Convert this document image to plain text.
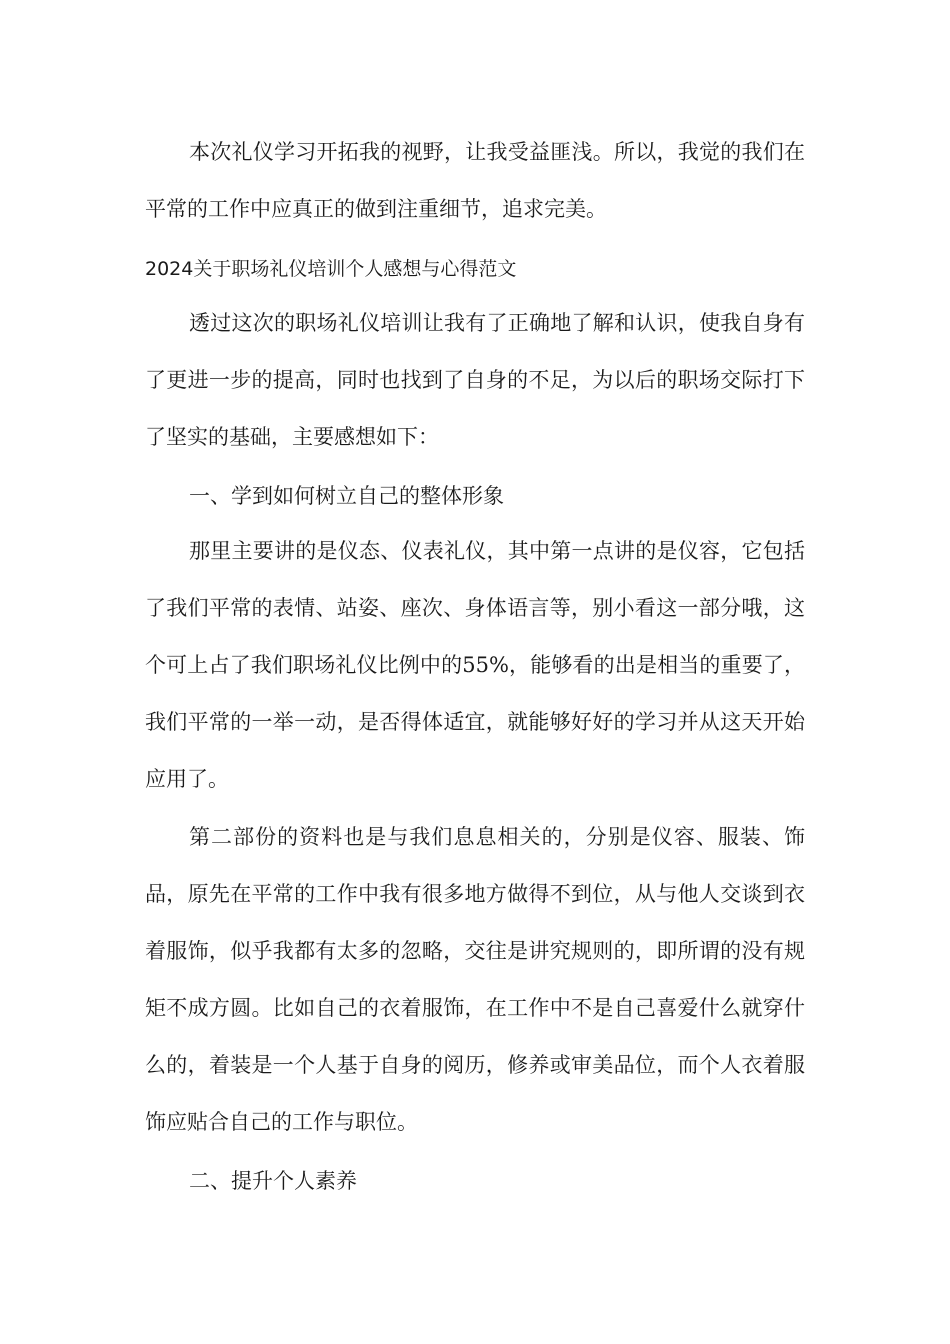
本次礼仪学习开拓我的视野，让我受益匪浅。所以，我觉的我们在平常的工作中应真正的做到注重细节，追求完美。

2024关于职场礼仪培训个人感想与心得范文

透过这次的职场礼仪培训让我有了正确地了解和认识，使我自身有了更进一步的提高，同时也找到了自身的不足，为以后的职场交际打下了坚实的基础，主要感想如下：

一、学到如何树立自己的整体形象

那里主要讲的是仪态、仪表礼仪，其中第一点讲的是仪容，它包括了我们平常的表情、站姿、座次、身体语言等，别小看这一部分哦，这个可上占了我们职场礼仪比例中的55%，能够看的出是相当的重要了，我们平常的一举一动，是否得体适宜，就能够好好的学习并从这天开始应用了。

第二部份的资料也是与我们息息相关的，分别是仪容、服装、饰品，原先在平常的工作中我有很多地方做得不到位，从与他人交谈到衣着服饰，似乎我都有太多的忽略，交往是讲究规则的，即所谓的没有规矩不成方圆。比如自己的衣着服饰，在工作中不是自己喜爱什么就穿什么的，着装是一个人基于自身的阅历，修养或审美品位，而个人衣着服饰应贴合自己的工作与职位。

二、提升个人素养
